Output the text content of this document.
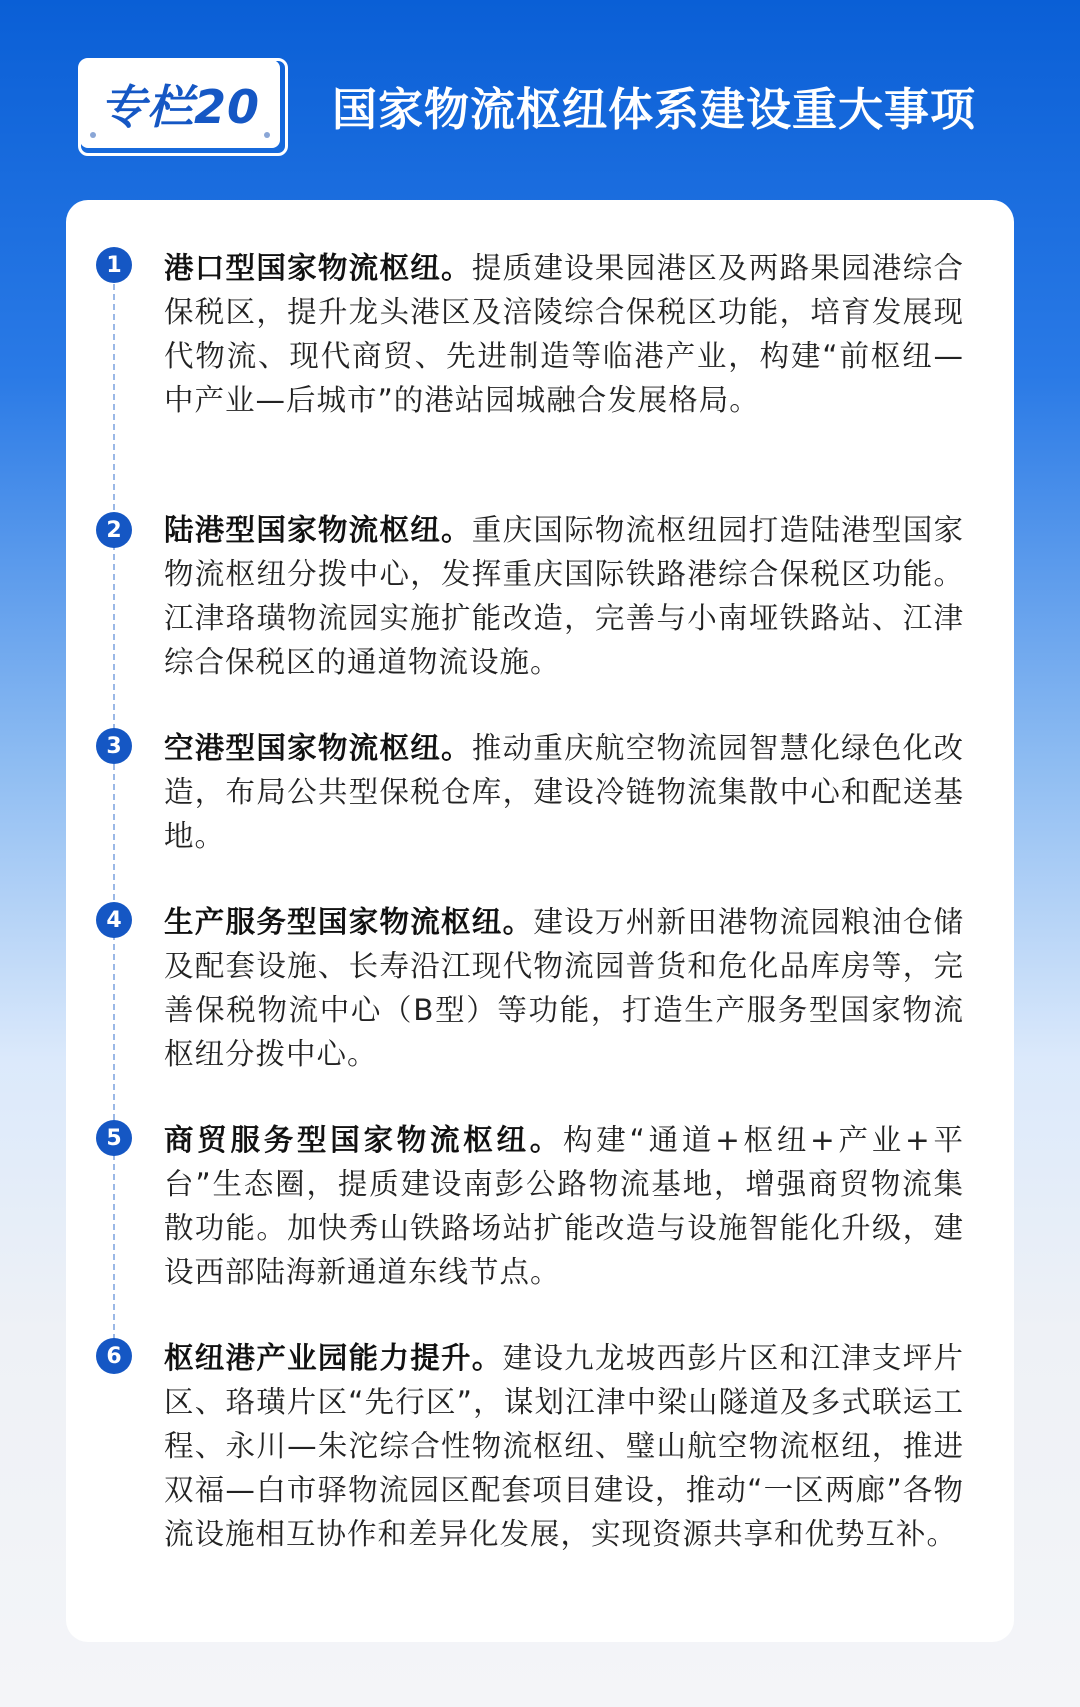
专栏20 国家物流枢纽体系建设重大事项
1	港口型国家物流枢纽。提质建设果园港区及两路果园港综合保税区，提升龙头港区及涪陵综合保税区功能，培育发展现代物流、现代商贸、先进制造等临港产业，构建“前枢纽—中产业—后城市”的港站园城融合发展格局。
2	陆港型国家物流枢纽。重庆国际物流枢纽园打造陆港型国家物流枢纽分拨中心，发挥重庆国际铁路港综合保税区功能。江津珞璜物流园实施扩能改造，完善与小南垭铁路站、江津综合保税区的通道物流设施。
3	空港型国家物流枢纽。推动重庆航空物流园智慧化绿色化改造，布局公共型保税仓库，建设冷链物流集散中心和配送基地。
4	生产服务型国家物流枢纽。建设万州新田港物流园粮油仓储及配套设施、长寿沿江现代物流园普货和危化品库房等，完善保税物流中心（B型）等功能，打造生产服务型国家物流枢纽分拨中心。
5	商贸服务型国家物流枢纽。构建“通道+枢纽+产业+平台”生态圈，提质建设南彭公路物流基地，增强商贸物流集散功能。加快秀山铁路场站扩能改造与设施智能化升级，建设西部陆海新通道东线节点。
6	枢纽港产业园能力提升。建设九龙坡西彭片区和江津支坪片区、珞璜片区“先行区”，谋划江津中梁山隧道及多式联运工程、永川—朱沱综合性物流枢纽、璧山航空物流枢纽，推进双福—白市驿物流园区配套项目建设，推动“一区两廊”各物流设施相互协作和差异化发展，实现资源共享和优势互补。
